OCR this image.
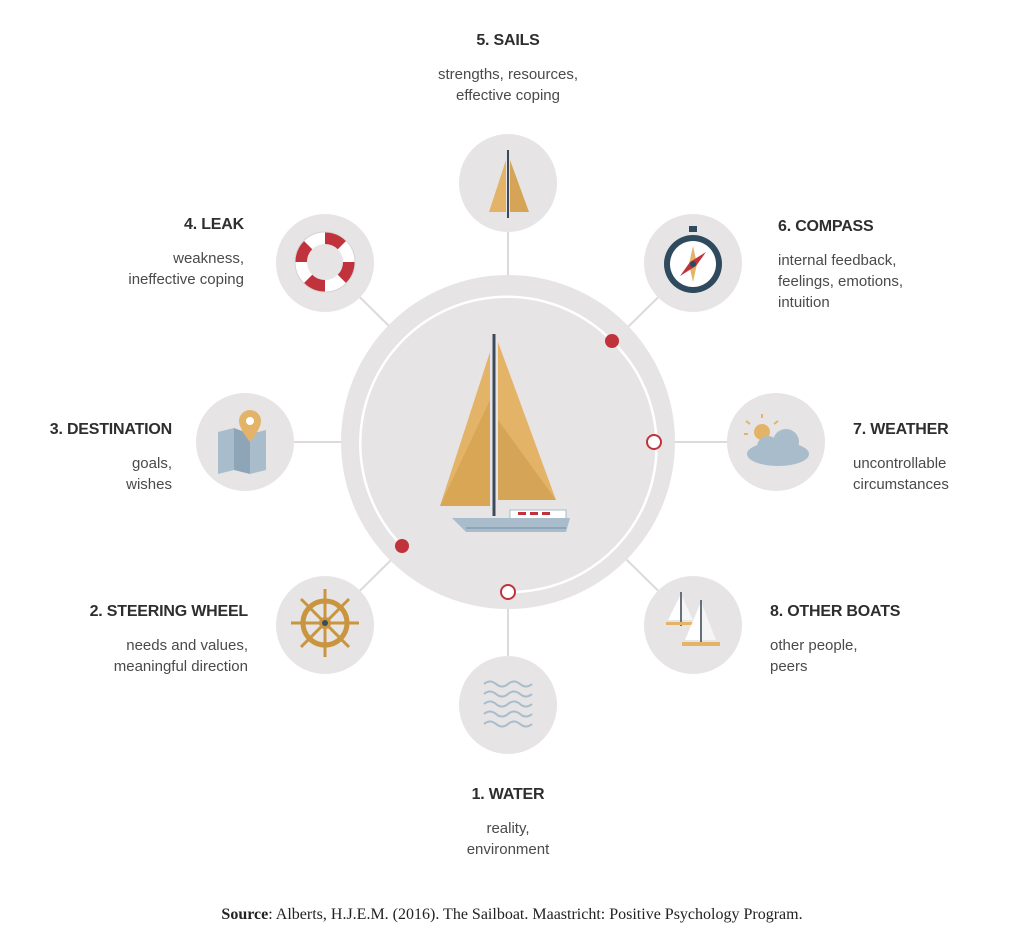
5. SAILS
strengths, resources,
effective coping
4. LEAK
weakness,
ineffective coping
6. COMPASS
internal feedback,
feelings, emotions,
intuition
3. DESTINATION
goals,
wishes
7. WEATHER
uncontrollable
circumstances
2. STEERING WHEEL
needs and values,
meaningful direction
8. OTHER BOATS
other people,
peers
1. WATER
reality,
environment
Source: Alberts, H.J.E.M. (2016). The Sailboat. Maastricht: Positive Psychology Program.
